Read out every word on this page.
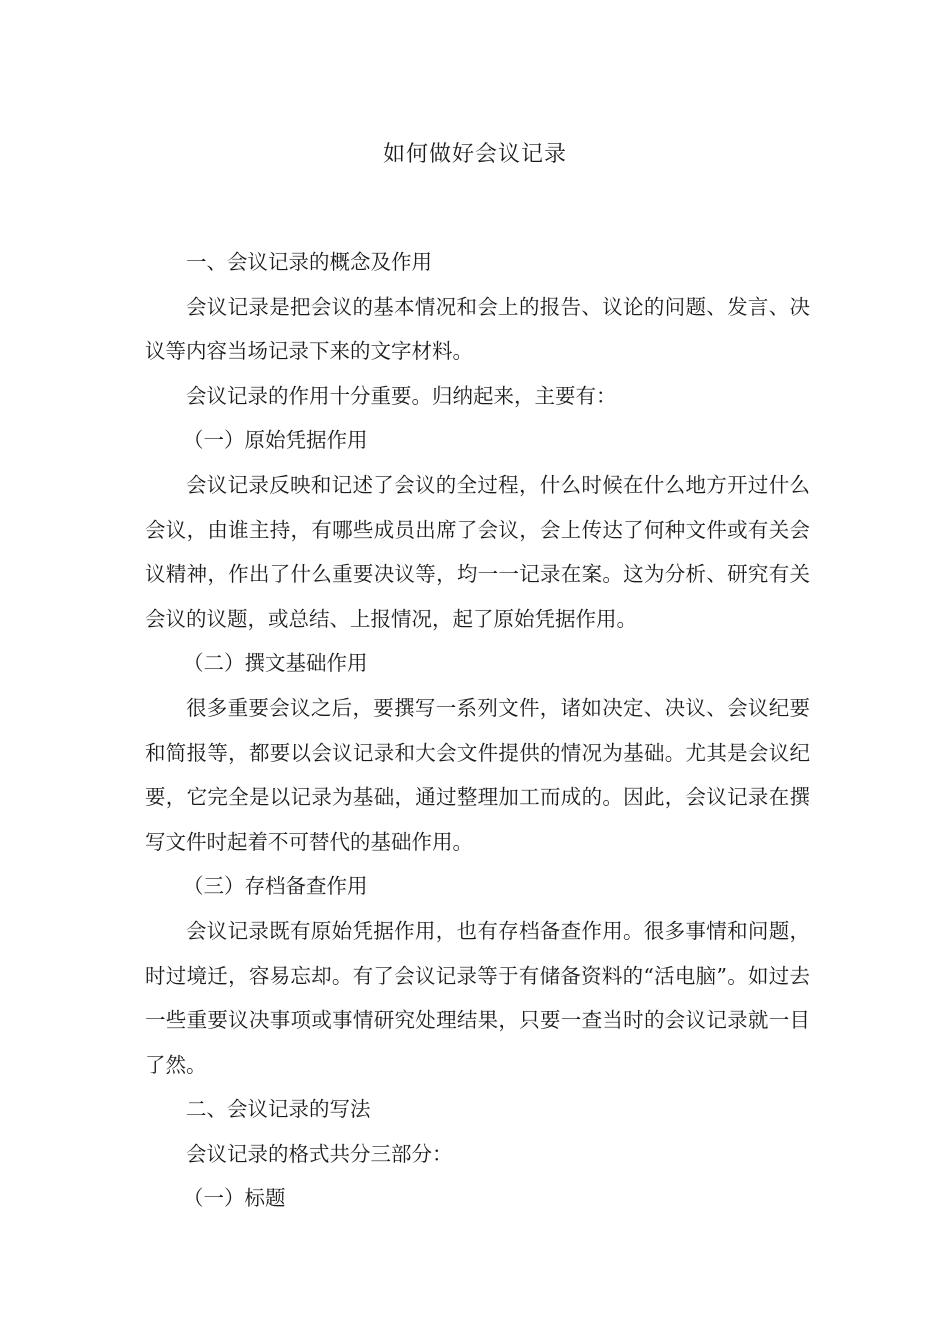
如何做好会议记录

一、会议记录的概念及作用

会议记录是把会议的基本情况和会上的报告、议论的问题、发言、决议等内容当场记录下来的文字材料。

会议记录的作用十分重要。归纳起来，主要有：

（一）原始凭据作用

会议记录反映和记述了会议的全过程，什么时候在什么地方开过什么会议，由谁主持，有哪些成员出席了会议，会上传达了何种文件或有关会议精神，作出了什么重要决议等，均一一记录在案。这为分析、研究有关会议的议题，或总结、上报情况，起了原始凭据作用。

（二）撰文基础作用

很多重要会议之后，要撰写一系列文件，诸如决定、决议、会议纪要和简报等，都要以会议记录和大会文件提供的情况为基础。尤其是会议纪要，它完全是以记录为基础，通过整理加工而成的。因此，会议记录在撰写文件时起着不可替代的基础作用。

（三）存档备查作用

会议记录既有原始凭据作用，也有存档备查作用。很多事情和问题，时过境迁，容易忘却。有了会议记录等于有储备资料的“活电脑”。如过去一些重要议决事项或事情研究处理结果，只要一查当时的会议记录就一目了然。

二、会议记录的写法

会议记录的格式共分三部分：

（一）标题
